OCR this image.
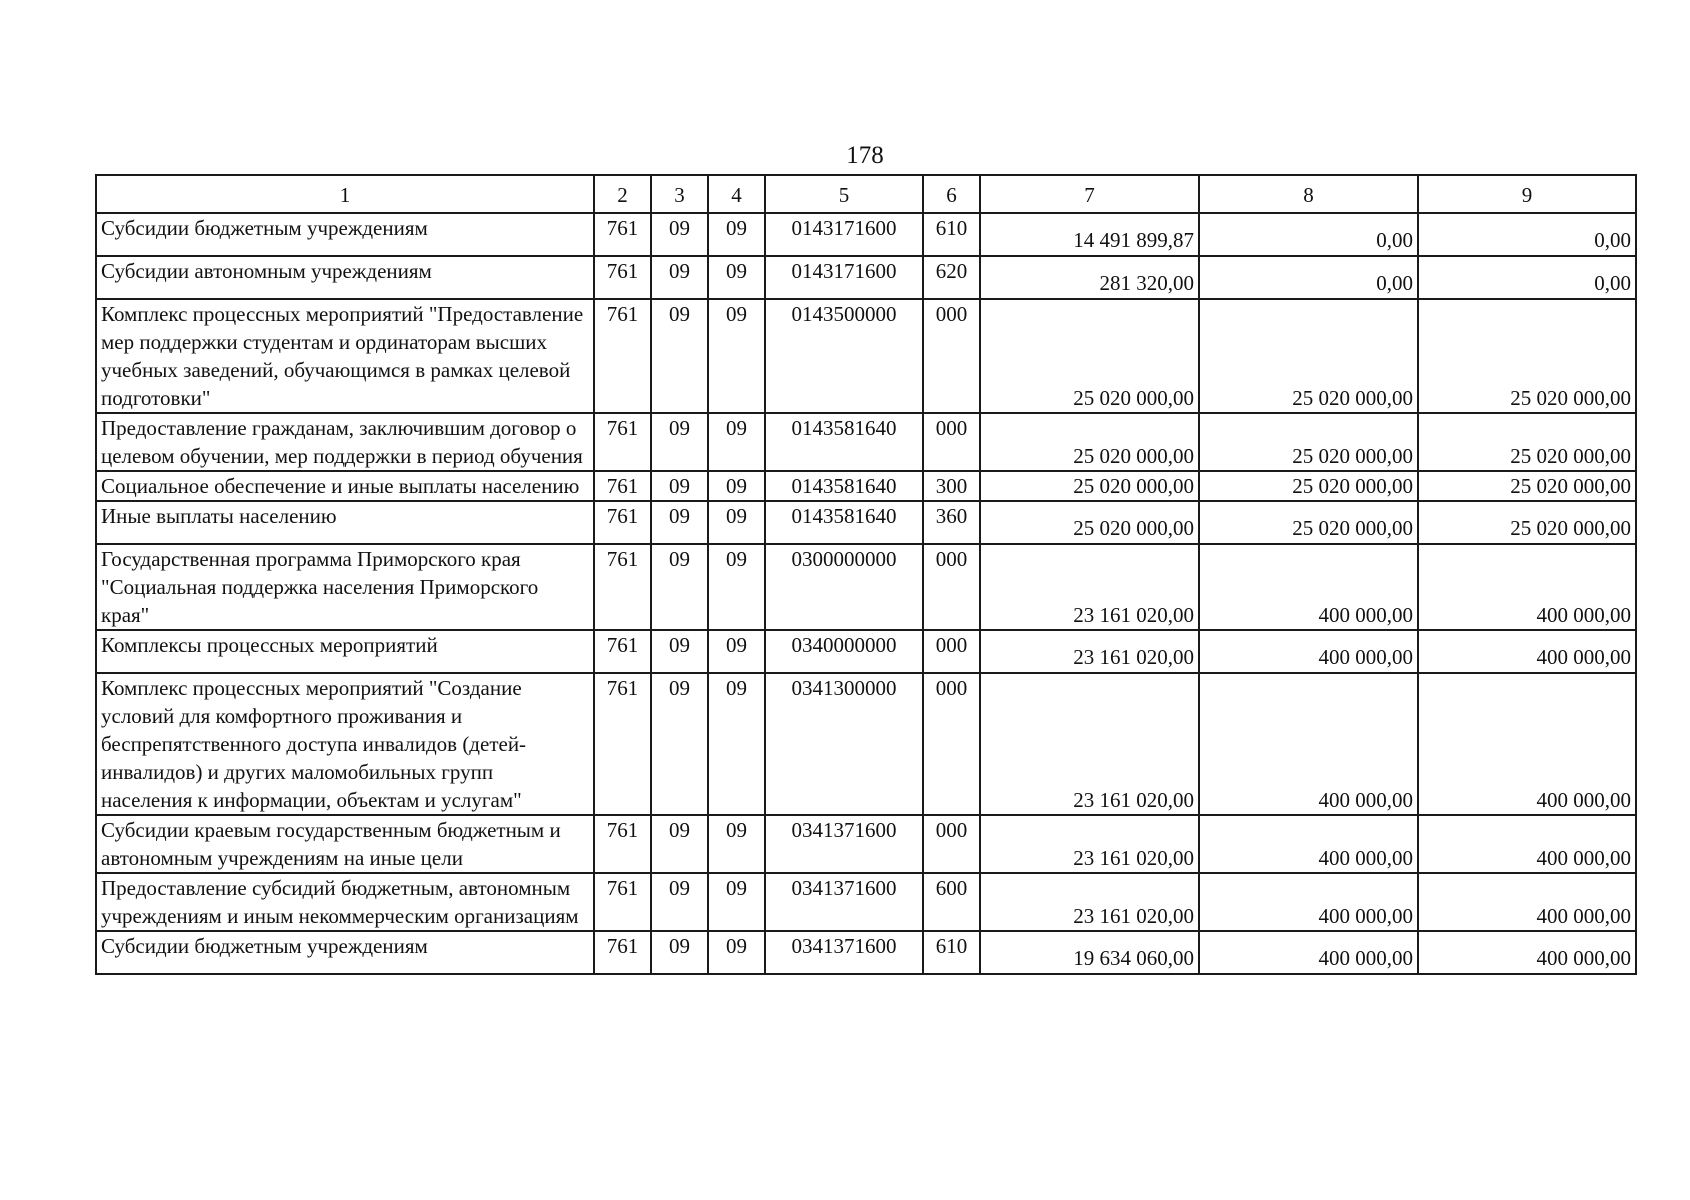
178
1	2	3	4	5	6	7	8	9
Субсидии бюджетным учреждениям	761	09	09	0143171600	610	14 491 899,87	0,00	0,00
Субсидии автономным учреждениям	761	09	09	0143171600	620	281 320,00	0,00	0,00
Комплекс процессных мероприятий "Предоставление мер поддержки студентам и ординаторам высших учебных заведений, обучающимся в рамках целевой подготовки"	761	09	09	0143500000	000	25 020 000,00	25 020 000,00	25 020 000,00
Предоставление гражданам, заключившим договор о целевом обучении, мер поддержки в период обучения	761	09	09	0143581640	000	25 020 000,00	25 020 000,00	25 020 000,00
Социальное обеспечение и иные выплаты населению	761	09	09	0143581640	300	25 020 000,00	25 020 000,00	25 020 000,00
Иные выплаты населению	761	09	09	0143581640	360	25 020 000,00	25 020 000,00	25 020 000,00
Государственная программа Приморского края "Социальная поддержка населения Приморского края"	761	09	09	0300000000	000	23 161 020,00	400 000,00	400 000,00
Комплексы процессных мероприятий	761	09	09	0340000000	000	23 161 020,00	400 000,00	400 000,00
Комплекс процессных мероприятий "Создание условий для комфортного проживания и беспрепятственного доступа инвалидов (детей-инвалидов) и других маломобильных групп населения к информации, объектам и услугам"	761	09	09	0341300000	000	23 161 020,00	400 000,00	400 000,00
Субсидии краевым государственным бюджетным и автономным учреждениям на иные цели	761	09	09	0341371600	000	23 161 020,00	400 000,00	400 000,00
Предоставление субсидий бюджетным, автономным учреждениям и иным некоммерческим организациям	761	09	09	0341371600	600	23 161 020,00	400 000,00	400 000,00
Субсидии бюджетным учреждениям	761	09	09	0341371600	610	19 634 060,00	400 000,00	400 000,00
